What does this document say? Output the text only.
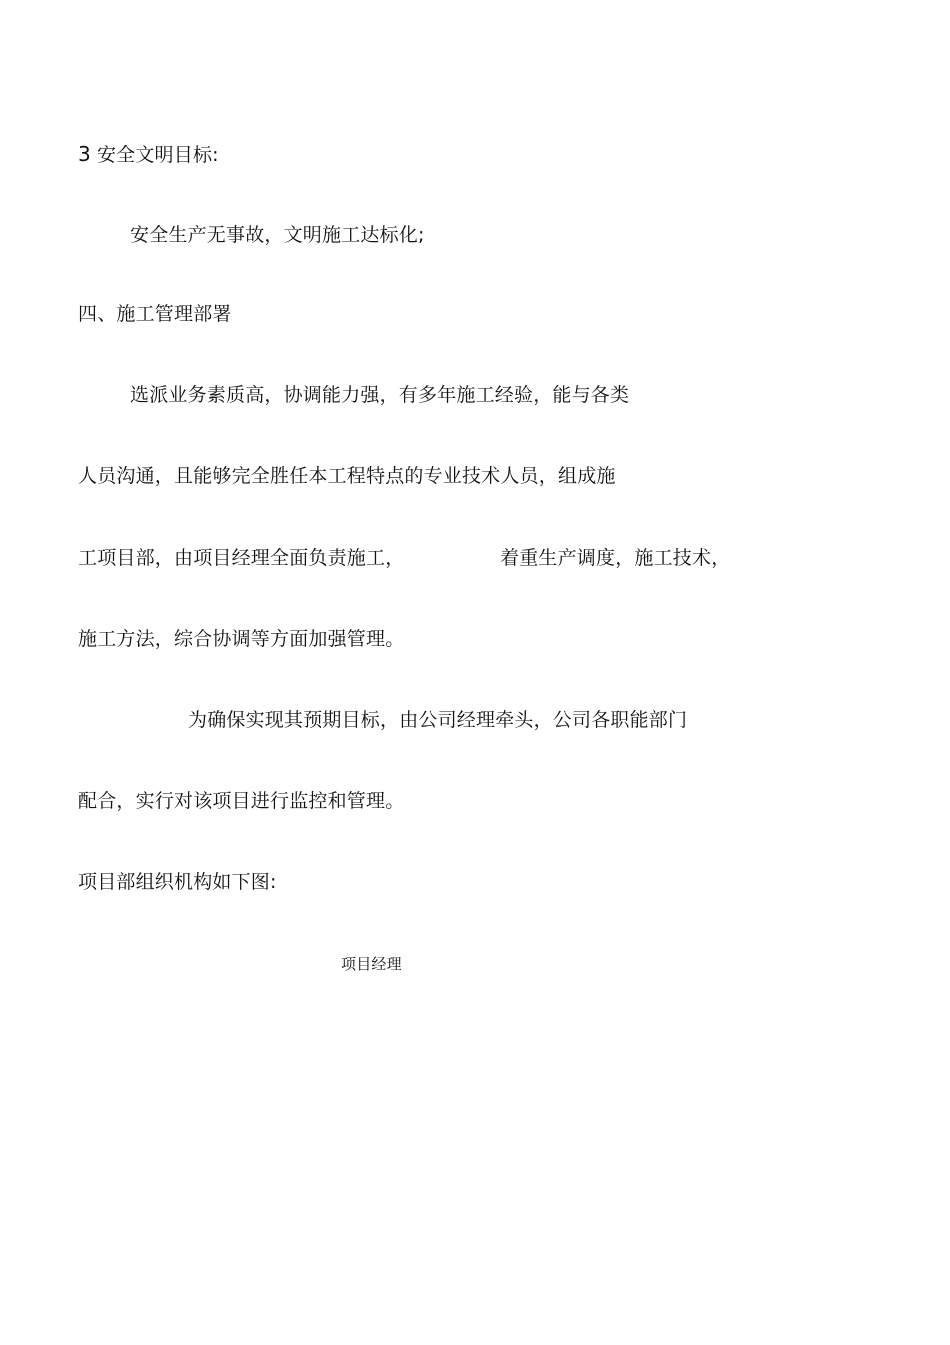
3 安全文明目标:
安全生产无事故，文明施工达标化;
四、施工管理部署
选派业务素质高，协调能力强，有多年施工经验，能与各类
人员沟通，且能够完全胜任本工程特点的专业技术人员，组成施
工项目部，由项目经理全面负责施工，	着重生产调度，施工技术，
施工方法，综合协调等方面加强管理。
为确保实现其预期目标，由公司经理牵头，公司各职能部门
配合，实行对该项目进行监控和管理。
项目部组织机构如下图:
项目经理
